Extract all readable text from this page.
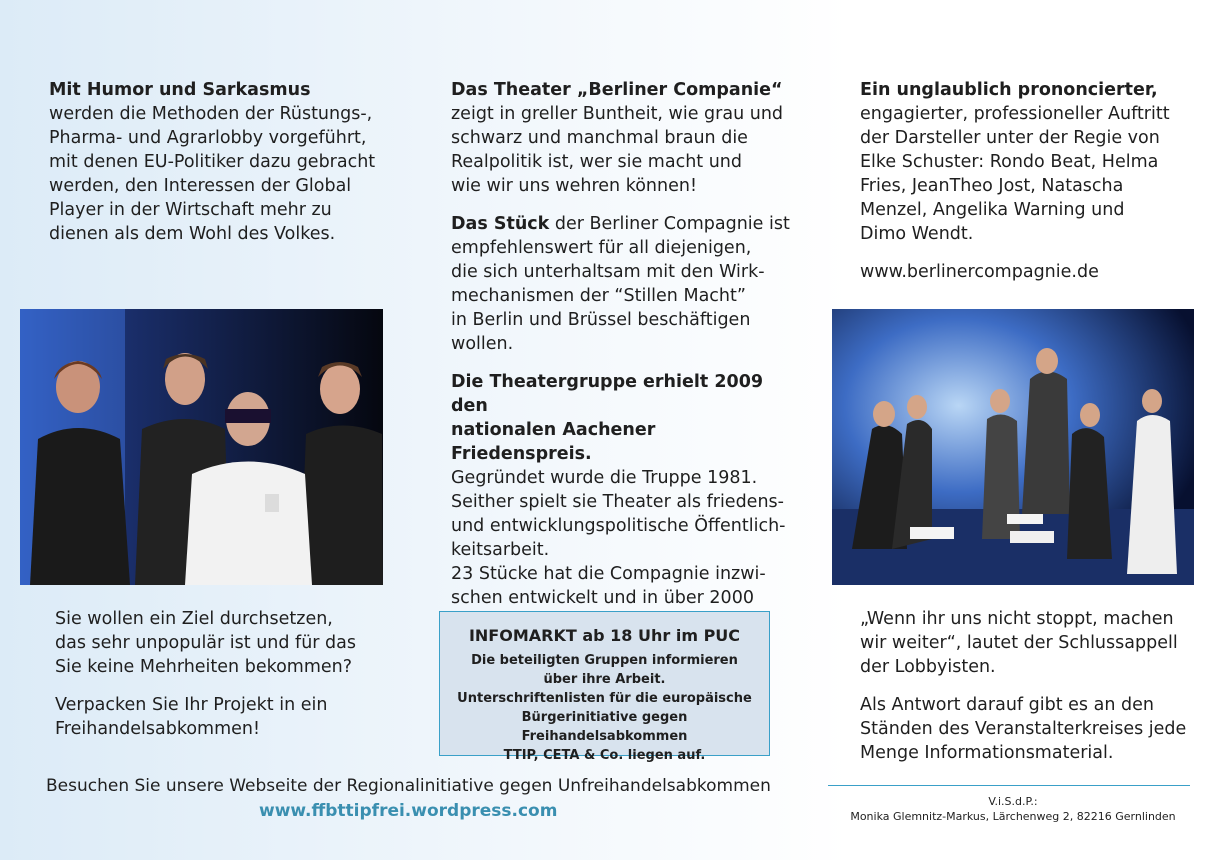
Mit Humor und Sarkasmus
werden die Methoden der Rüstungs-,
Pharma- und Agrarlobby vorgeführt,
mit denen EU-Politiker dazu gebracht
werden, den Interessen der Global
Player in der Wirtschaft mehr zu
dienen als dem Wohl des Volkes.

Sie wollen ein Ziel durchsetzen,
das sehr unpopulär ist und für das
Sie keine Mehrheiten bekommen?

Verpacken Sie Ihr Projekt in ein
Freihandelsabkommen!

Das Theater „Berliner Companie“
zeigt in greller Buntheit, wie grau und
schwarz und manchmal braun die
Realpolitik ist, wer sie macht und
wie wir uns wehren können!

Das Stück der Berliner Compagnie ist
empfehlenswert für all diejenigen,
die sich unterhaltsam mit den Wirk-
mechanismen der “Stillen Macht”
in Berlin und Brüssel beschäftigen
wollen.

Die Theatergruppe erhielt 2009 den
nationalen Aachener Friedenspreis.
Gegründet wurde die Truppe 1981.
Seither spielt sie Theater als friedens-
und entwicklungspolitische Öffentlich-
keitsarbeit.
23 Stücke hat die Compagnie inzwi-
schen entwickelt und in über 2000

INFOMARKT ab 18 Uhr im PUC
Die beteiligten Gruppen informieren
über ihre Arbeit.
Unterschriftenlisten für die europäische
Bürgerinitiative gegen Freihandelsabkommen
TTIP, CETA & Co. liegen auf.

Ein unglaublich prononcierter,
engagierter, professioneller Auftritt
der Darsteller unter der Regie von
Elke Schuster: Rondo Beat, Helma
Fries, JeanTheo Jost, Natascha
Menzel, Angelika Warning und
Dimo Wendt.

www.berlinercompagnie.de

„Wenn ihr uns nicht stoppt, machen
wir weiter“, lautet der Schlussappell
der Lobbyisten.

Als Antwort darauf gibt es an den
Ständen des Veranstalterkreises jede
Menge Informationsmaterial.

Besuchen Sie unsere Webseite der Regionalinitiative gegen Unfreihandelsabkommen
www.ffbttipfrei.wordpress.com	V.i.S.d.P.:
Monika Glemnitz-Markus, Lärchenweg 2, 82216 Gernlinden
